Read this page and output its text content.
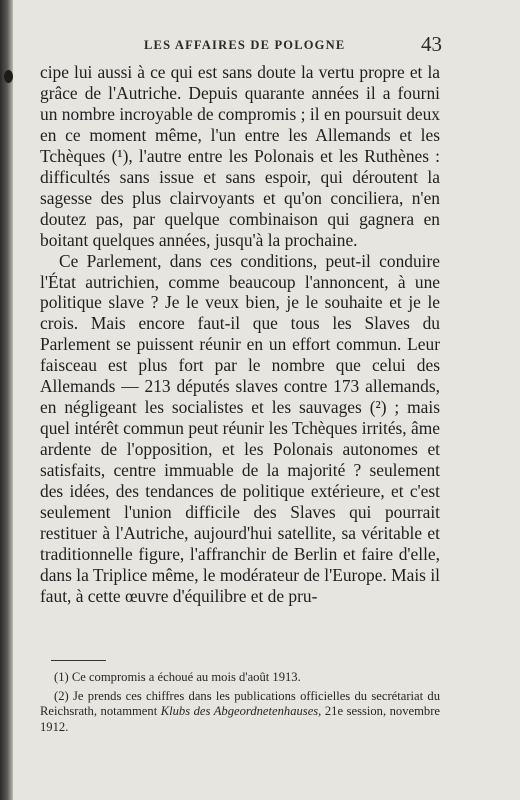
LES AFFAIRES DE POLOGNE	43

cipe lui aussi à ce qui est sans doute la vertu propre et la grâce de l'Autriche. Depuis quarante années il a fourni un nombre incroyable de compromis ; il en poursuit deux en ce moment même, l'un entre les Allemands et les Tchèques (¹), l'autre entre les Polonais et les Ruthènes : difficultés sans issue et sans espoir, qui déroutent la sagesse des plus clairvoyants et qu'on conciliera, n'en doutez pas, par quelque combinaison qui gagnera en boitant quelques années, jusqu'à la prochaine.

Ce Parlement, dans ces conditions, peut-il conduire l'État autrichien, comme beaucoup l'annoncent, à une politique slave ? Je le veux bien, je le souhaite et je le crois. Mais encore faut-il que tous les Slaves du Parlement se puissent réunir en un effort commun. Leur faisceau est plus fort par le nombre que celui des Allemands — 213 députés slaves contre 173 allemands, en négligeant les socialistes et les sauvages (²) ; mais quel intérêt commun peut réunir les Tchèques irrités, âme ardente de l'opposition, et les Polonais autonomes et satisfaits, centre immuable de la majorité ? seulement des idées, des tendances de politique extérieure, et c'est seulement l'union difficile des Slaves qui pourrait restituer à l'Autriche, aujourd'hui satellite, sa véritable et traditionnelle figure, l'affranchir de Berlin et faire d'elle, dans la Triplice même, le modérateur de l'Europe. Mais il faut, à cette œuvre d'équilibre et de pru-

(1) Ce compromis a échoué au mois d'août 1913.

(2) Je prends ces chiffres dans les publications officielles du secrétariat du Reichsrath, notamment Klubs des Abgeordnetenhauses, 21e session, novembre 1912.
